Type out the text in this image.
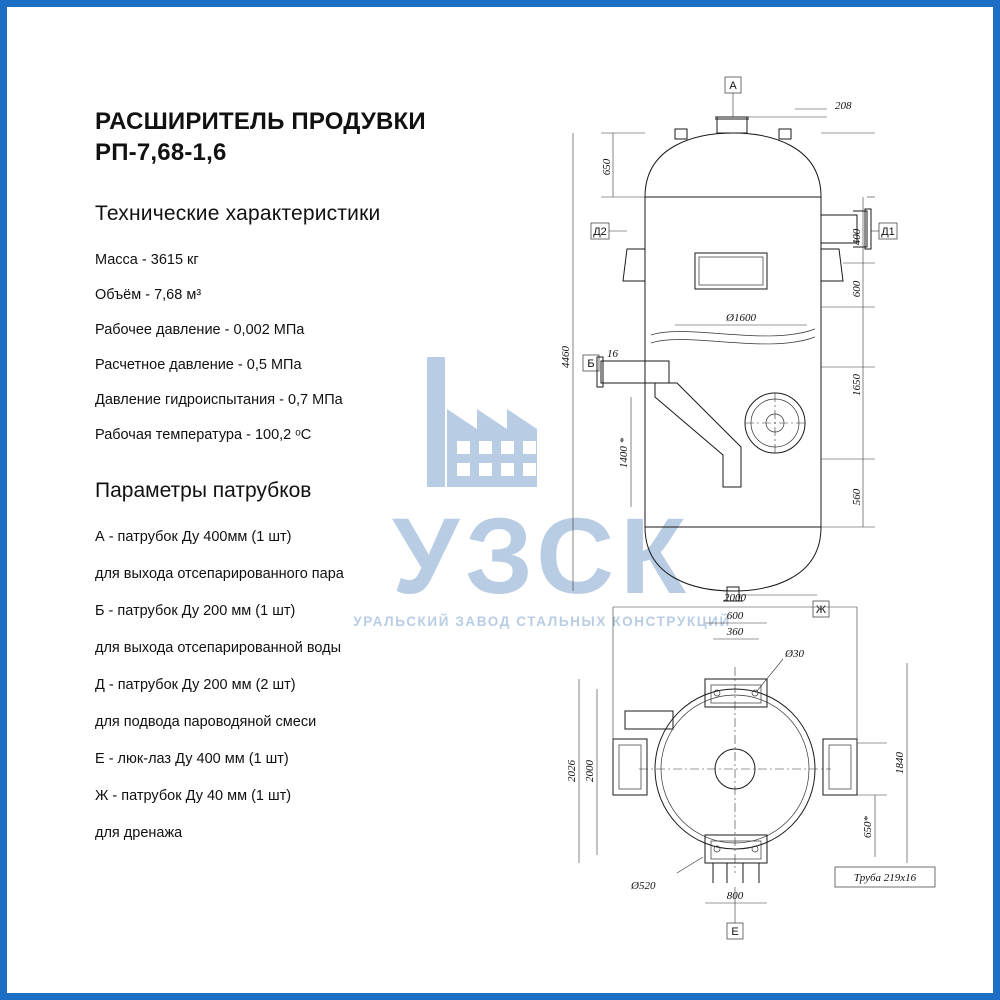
РАСШИРИТЕЛЬ ПРОДУВКИ
РП-7,68-1,6
Технические характеристики
Масса - 3615 кг
Объём - 7,68 м³
Рабочее давление - 0,002 МПа
Расчетное давление - 0,5 МПа
Давление гидроиспытания - 0,7 МПа
Рабочая температура - 100,2 ᵒС
Параметры патрубков
А - патрубок Ду 400мм (1 шт)
для выхода отсепарированного пара
Б - патрубок Ду 200 мм (1 шт)
для выхода отсепарированной воды
Д - патрубок Ду 200 мм (2 шт)
для подвода пароводяной смеси
Е - люк-лаз Ду 400 мм (1 шт)
Ж - патрубок Ду 40 мм (1 шт)
для дренажа
УЗСК
УРАЛЬСКИЙ ЗАВОД СТАЛЬНЫХ КОНСТРУКЦИЙ
А
Б
Ж
Д2	Д1
400
600
1650
560
650
208
4460
Ø1600
16
1400 *
Е
2000
600
360
Ø30
2026 2000	1840
650*
Ø520
800
Труба 219х16
